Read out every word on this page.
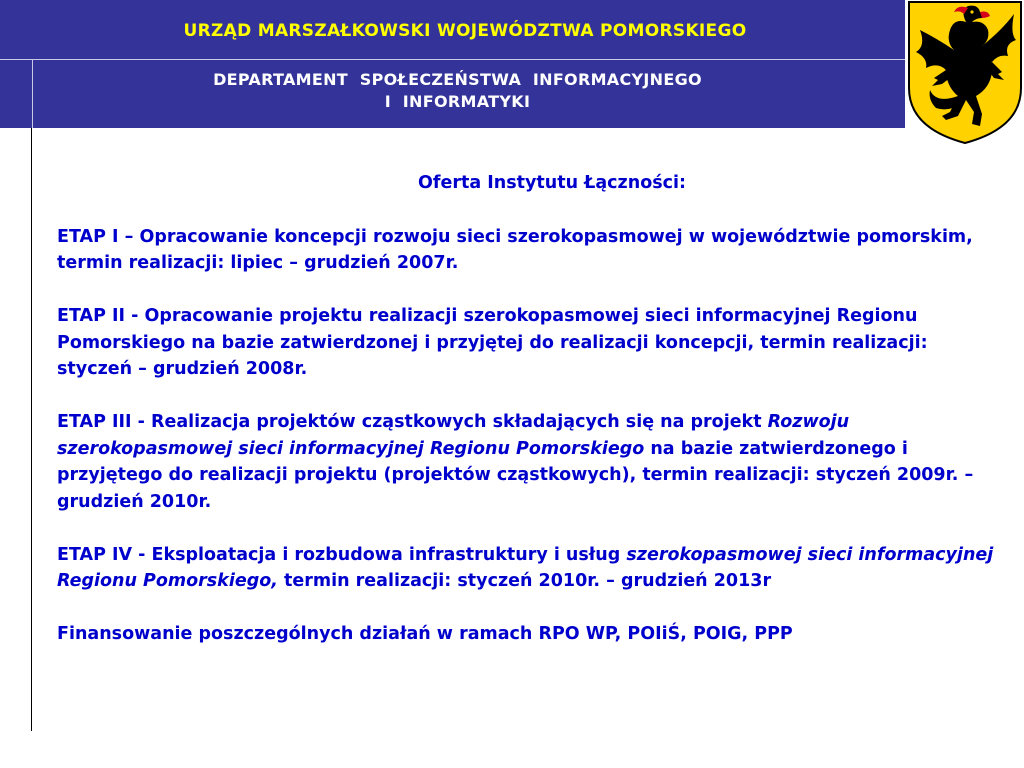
URZĄD MARSZAŁKOWSKI WOJEWÓDZTWA POMORSKIEGO
DEPARTAMENT  SPOŁECZEŃSTWA  INFORMACYJNEGO
I  INFORMATYKI
Oferta Instytutu Łączności:

ETAP I – Opracowanie koncepcji rozwoju sieci szerokopasmowej w województwie pomorskim, termin realizacji: lipiec – grudzień 2007r.

ETAP II - Opracowanie projektu realizacji szerokopasmowej sieci informacyjnej Regionu Pomorskiego na bazie zatwierdzonej i przyjętej do realizacji koncepcji, termin realizacji: styczeń – grudzień 2008r.

ETAP III - Realizacja projektów cząstkowych składających się na projekt Rozwoju szerokopasmowej sieci informacyjnej Regionu Pomorskiego na bazie zatwierdzonego i przyjętego do realizacji projektu (projektów cząstkowych), termin realizacji: styczeń 2009r. – grudzień 2010r.

ETAP IV - Eksploatacja i rozbudowa infrastruktury i usług szerokopasmowej sieci informacyjnej Regionu Pomorskiego, termin realizacji: styczeń 2010r. – grudzień 2013r

Finansowanie poszczególnych działań w ramach RPO WP, POIiŚ, POIG, PPP
